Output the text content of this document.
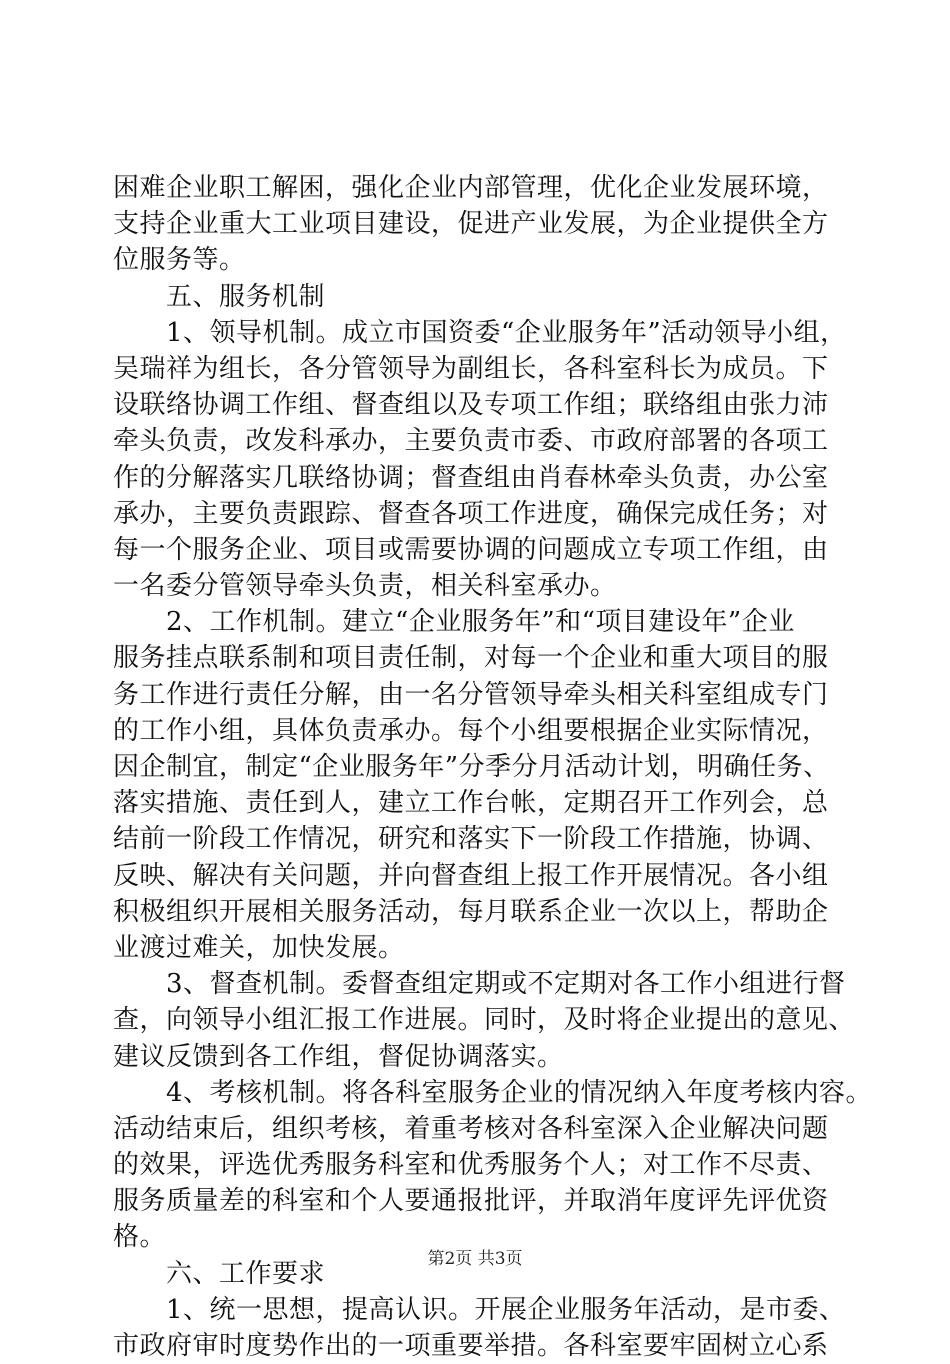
困难企业职工解困，强化企业内部管理，优化企业发展环境，
支持企业重大工业项目建设，促进产业发展，为企业提供全方
位服务等。
五、服务机制
1、领导机制。成立市国资委“企业服务年”活动领导小组，
吴瑞祥为组长，各分管领导为副组长，各科室科长为成员。下
设联络协调工作组、督查组以及专项工作组；联络组由张力沛
牵头负责，改发科承办，主要负责市委、市政府部署的各项工
作的分解落实几联络协调；督查组由肖春林牵头负责，办公室
承办，主要负责跟踪、督查各项工作进度，确保完成任务；对
每一个服务企业、项目或需要协调的问题成立专项工作组，由
一名委分管领导牵头负责，相关科室承办。
2、工作机制。建立“企业服务年”和“项目建设年”企业
服务挂点联系制和项目责任制，对每一个企业和重大项目的服
务工作进行责任分解，由一名分管领导牵头相关科室组成专门
的工作小组，具体负责承办。每个小组要根据企业实际情况，
因企制宜，制定“企业服务年”分季分月活动计划，明确任务、
落实措施、责任到人，建立工作台帐，定期召开工作列会，总
结前一阶段工作情况，研究和落实下一阶段工作措施，协调、
反映、解决有关问题，并向督查组上报工作开展情况。各小组
积极组织开展相关服务活动，每月联系企业一次以上，帮助企
业渡过难关，加快发展。
3、督查机制。委督查组定期或不定期对各工作小组进行督
查，向领导小组汇报工作进展。同时，及时将企业提出的意见、
建议反馈到各工作组，督促协调落实。
4、考核机制。将各科室服务企业的情况纳入年度考核内容。
活动结束后，组织考核，着重考核对各科室深入企业解决问题
的效果，评选优秀服务科室和优秀服务个人；对工作不尽责、
服务质量差的科室和个人要通报批评，并取消年度评先评优资
格。
六、工作要求
1、统一思想，提高认识。开展企业服务年活动，是市委、
市政府审时度势作出的一项重要举措。各科室要牢固树立心系
第2页 共3页
